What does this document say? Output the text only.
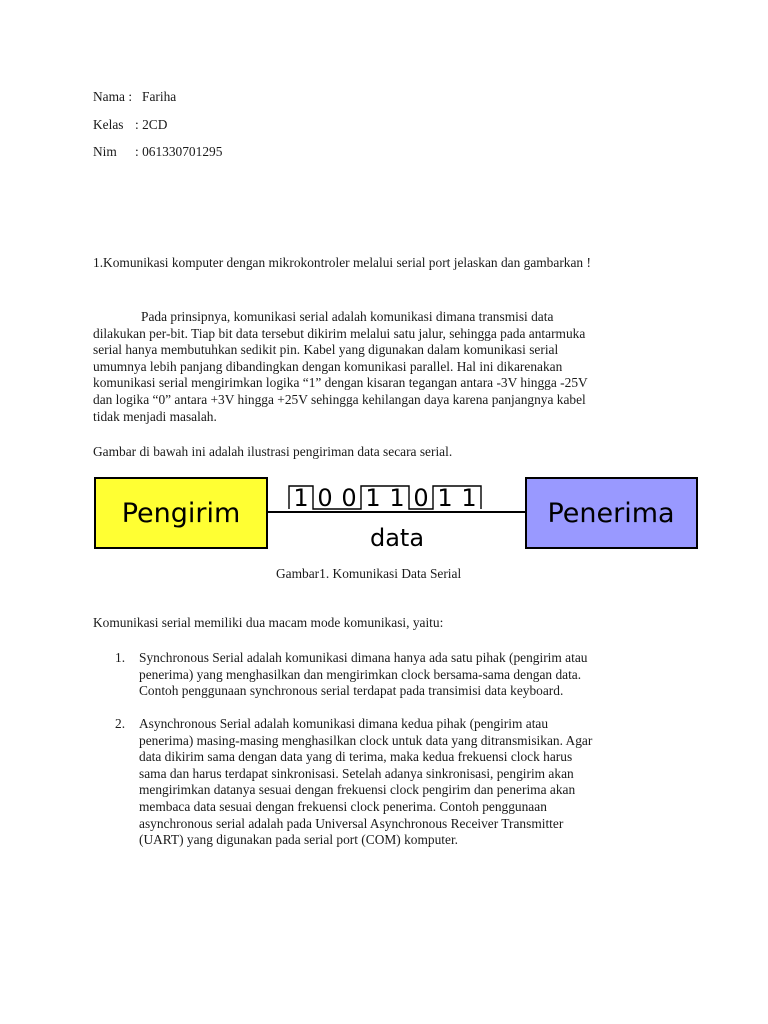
Nama : Fariha
Kelas : 2CD
Nim : 061330701295
1.Komunikasi komputer dengan mikrokontroler melalui serial port jelaskan dan gambarkan !
Pada prinsipnya, komunikasi serial adalah komunikasi dimana transmisi data
dilakukan per-bit. Tiap bit data tersebut dikirim melalui satu jalur, sehingga pada antarmuka
serial hanya membutuhkan sedikit pin. Kabel yang digunakan dalam komunikasi serial
umumnya lebih panjang dibandingkan dengan komunikasi parallel. Hal ini dikarenakan
komunikasi serial mengirimkan logika “1” dengan kisaran tegangan antara -3V hingga -25V
dan logika “0” antara +3V hingga +25V sehingga kehilangan daya karena panjangnya kabel
tidak menjadi masalah.
Gambar di bawah ini adalah ilustrasi pengiriman data secara serial.
Pengirim	Penerima
1 0 0 1 1 0 1 1
data
Gambar1. Komunikasi Data Serial
Komunikasi serial memiliki dua macam mode komunikasi, yaitu:
1. Synchronous Serial adalah komunikasi dimana hanya ada satu pihak (pengirim atau
penerima) yang menghasilkan dan mengirimkan clock bersama-sama dengan data.
Contoh penggunaan synchronous serial terdapat pada transimisi data keyboard.
2. Asynchronous Serial adalah komunikasi dimana kedua pihak (pengirim atau
penerima) masing-masing menghasilkan clock untuk data yang ditransmisikan. Agar
data dikirim sama dengan data yang di terima, maka kedua frekuensi clock harus
sama dan harus terdapat sinkronisasi. Setelah adanya sinkronisasi, pengirim akan
mengirimkan datanya sesuai dengan frekuensi clock pengirim dan penerima akan
membaca data sesuai dengan frekuensi clock penerima. Contoh penggunaan
asynchronous serial adalah pada Universal Asynchronous Receiver Transmitter
(UART) yang digunakan pada serial port (COM) komputer.
